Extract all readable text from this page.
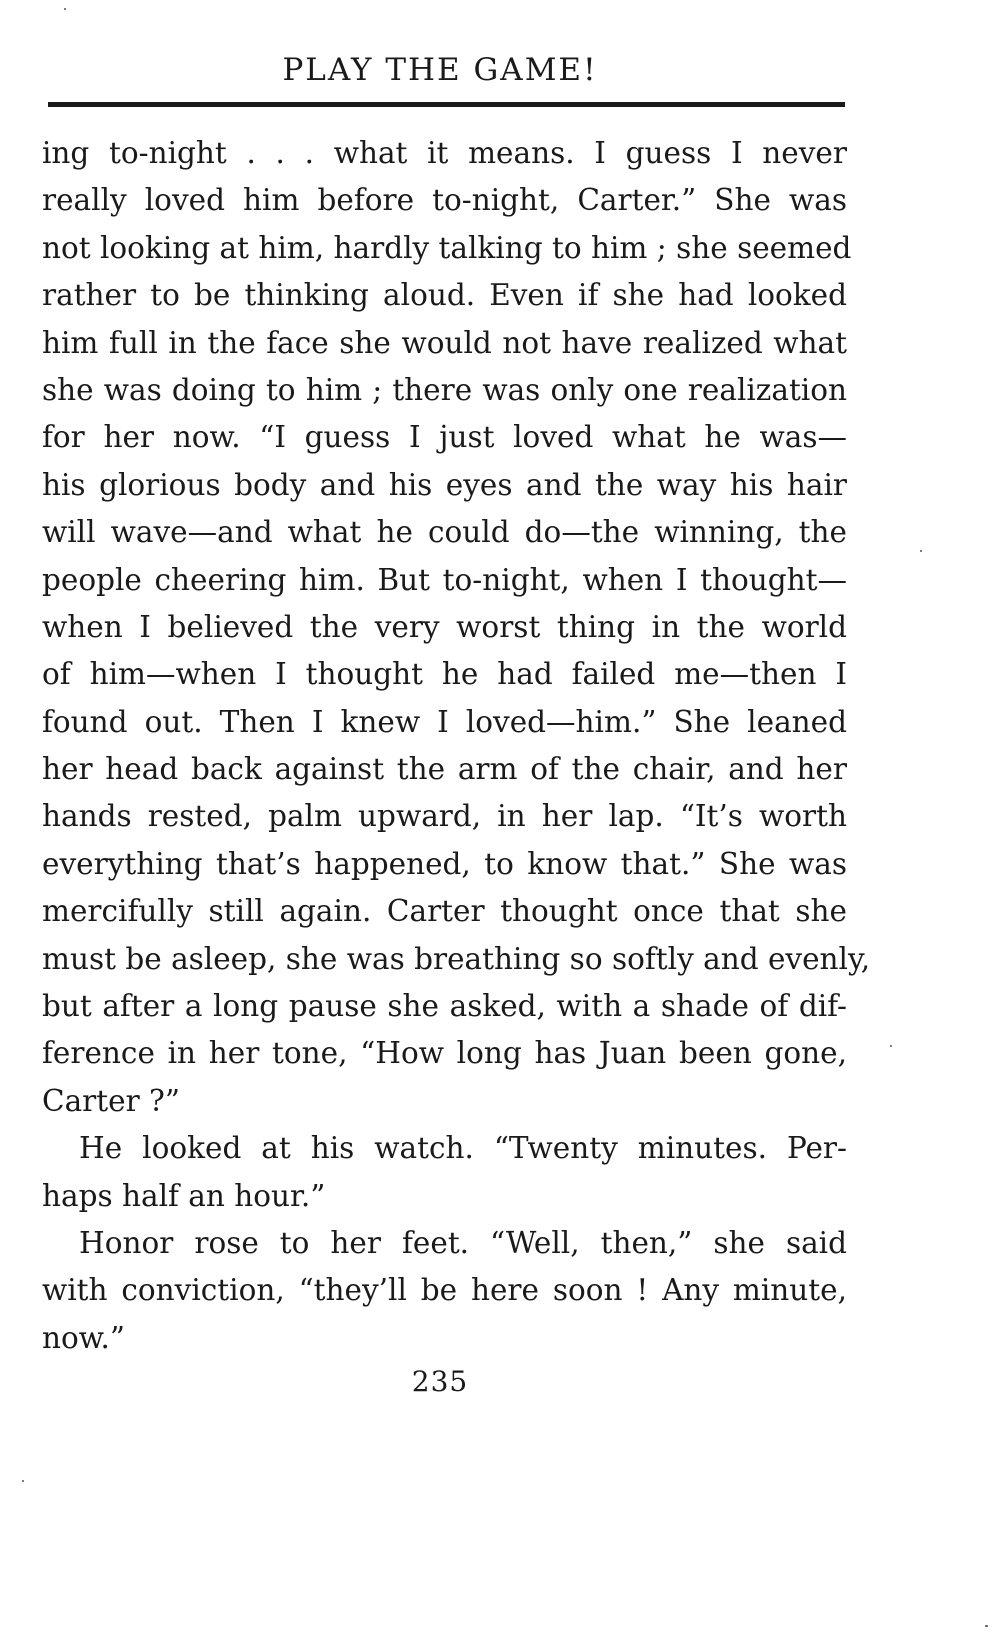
PLAY THE GAME!
ing to-night . . . what it means. I guess I never
really loved him before to-night, Carter.” She was
not looking at him, hardly talking to him ; she seemed
rather to be thinking aloud. Even if she had looked
him full in the face she would not have realized what
she was doing to him ; there was only one realization
for her now. “I guess I just loved what he was—
his glorious body and his eyes and the way his hair
will wave—and what he could do—the winning, the
people cheering him. But to-night, when I thought—
when I believed the very worst thing in the world
of him—when I thought he had failed me—then I
found out. Then I knew I loved—him.” She leaned
her head back against the arm of the chair, and her
hands rested, palm upward, in her lap. “It’s worth
everything that’s happened, to know that.” She was
mercifully still again. Carter thought once that she
must be asleep, she was breathing so softly and evenly,
but after a long pause she asked, with a shade of dif-
ference in her tone, “How long has Juan been gone,
Carter ?”
He looked at his watch. “Twenty minutes. Per-
haps half an hour.”
Honor rose to her feet. “Well, then,” she said
with conviction, “they’ll be here soon ! Any minute,
now.”
235
